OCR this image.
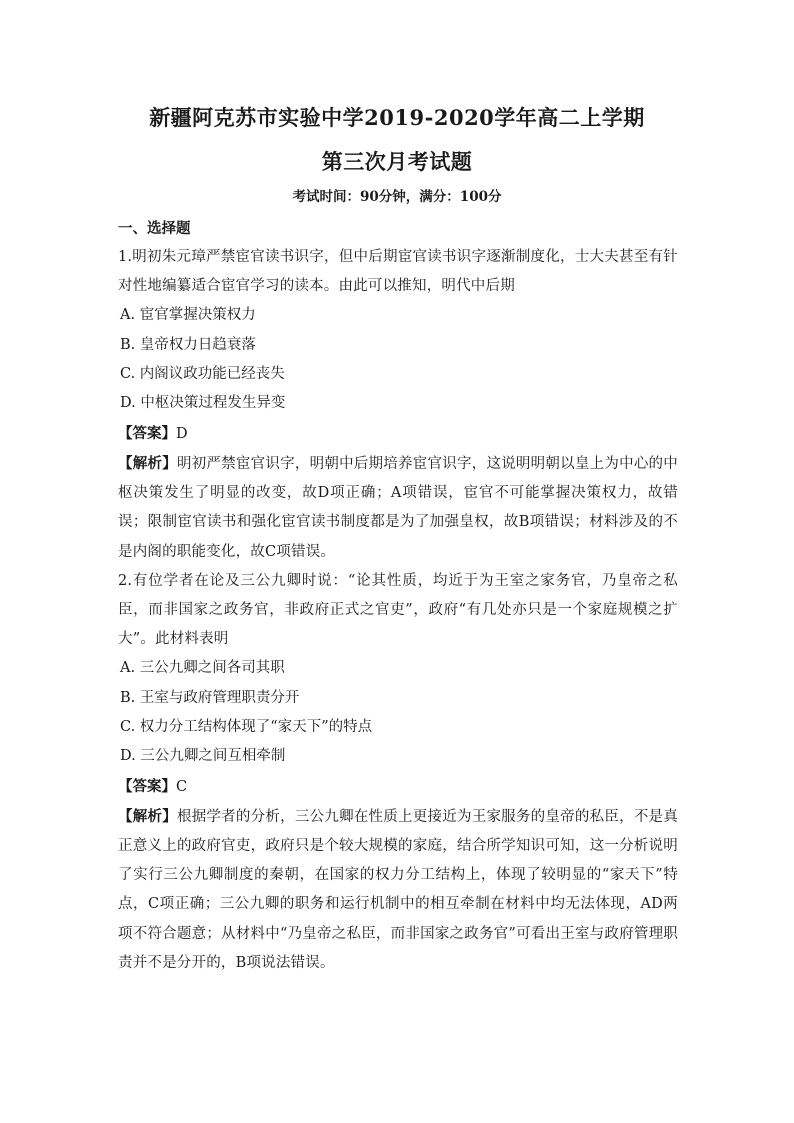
新疆阿克苏市实验中学2019-2020学年高二上学期
第三次月考试题
考试时间：90分钟，满分：100分
一、选择题
1.明初朱元璋严禁宦官读书识字，但中后期宦官读书识字逐渐制度化，士大夫甚至有针对性地编纂适合宦官学习的读本。由此可以推知，明代中后期
A. 宦官掌握决策权力
B. 皇帝权力日趋衰落
C. 内阁议政功能已经丧失
D. 中枢决策过程发生异变
【答案】D
【解析】明初严禁宦官识字，明朝中后期培养宦官识字，这说明明朝以皇上为中心的中枢决策发生了明显的改变，故D项正确；A项错误，宦官不可能掌握决策权力，故错误；限制宦官读书和强化宦官读书制度都是为了加强皇权，故B项错误；材料涉及的不是内阁的职能变化，故C项错误。
2.有位学者在论及三公九卿时说：“论其性质，均近于为王室之家务官，乃皇帝之私臣，而非国家之政务官，非政府正式之官吏”，政府“有几处亦只是一个家庭规模之扩大”。此材料表明
A. 三公九卿之间各司其职
B. 王室与政府管理职责分开
C. 权力分工结构体现了“家天下”的特点
D. 三公九卿之间互相牵制
【答案】C
【解析】根据学者的分析，三公九卿在性质上更接近为王家服务的皇帝的私臣，不是真正意义上的政府官吏，政府只是个较大规模的家庭，结合所学知识可知，这一分析说明了实行三公九卿制度的秦朝，在国家的权力分工结构上，体现了较明显的“家天下”特点，C项正确；三公九卿的职务和运行机制中的相互牵制在材料中均无法体现，AD两项不符合题意；从材料中“乃皇帝之私臣，而非国家之政务官”可看出王室与政府管理职责并不是分开的，B项说法错误。
